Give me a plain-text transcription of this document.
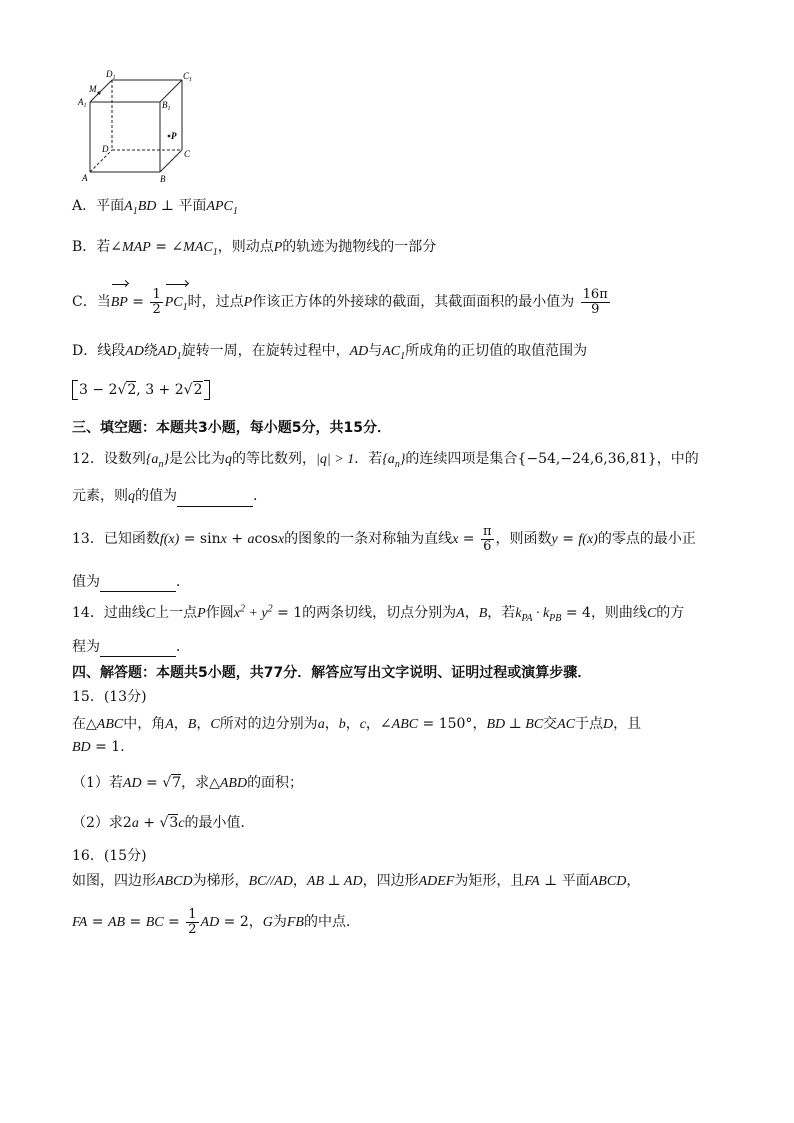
$D_1$	$C_1$
M
$A_1$	$B_1$
P
D	C
A	B
A．平面$A_1BD$ ⊥ 平面$APC_1$
B．若∠MAP = $\angle MAC_1$，则动点P的轨迹为抛物线的一部分
C．当BP = $\frac{1}{2} PC_1$时，过点P作该正方体的外接球的截面，其截面面积的最小值为 $\frac{16\pi}{9}$
D．线段AD绕$AD_1$旋转一周，在旋转过程中，AD与$AC_1$所成角的正切值的取值范围为
3 − 2√2, 3 + 2√2
三、填空题：本题共3小题，每小题5分，共15分．
12．设数列$\{a_n\}$是公比为q的等比数列，|q| > 1．若$\{a_n\}$的连续四项是集合{−54,−24,6,36,81}，中的
元素，则q的值为	．
13．已知函数f(x) = sinx + acosx的图象的一条对称轴为直线$x = \frac{\pi}{6}$ ，则函数y = f(x)的零点的最小正
值为	．
14．过曲线C上一点P作圆$x^2 + y^2 = 1$的两条切线，切点分别为A，B，若$k_{PA} \cdot k_{PB} = 4$，则曲线C的方
程为	．
四、解答题：本题共5小题，共77分．解答应写出文字说明、证明过程或演算步骤．
15．(13分)
在△ABC中，角A，B，C所对的边分别为a，b，c，∠ABC = 150°，BD ⊥ BC交AC于点D，且
BD = 1．
（1）若AD = √7，求△ABD的面积；
（2）求2a + √3c的最小值．
16．(15分)
如图，四边形ABCD为梯形，BC//AD，AB ⊥ AD，四边形ADEF为矩形，且FA ⊥ 平面ABCD，
FA = AB = BC = $\frac{1}{2}$ AD = 2，G为FB的中点．
